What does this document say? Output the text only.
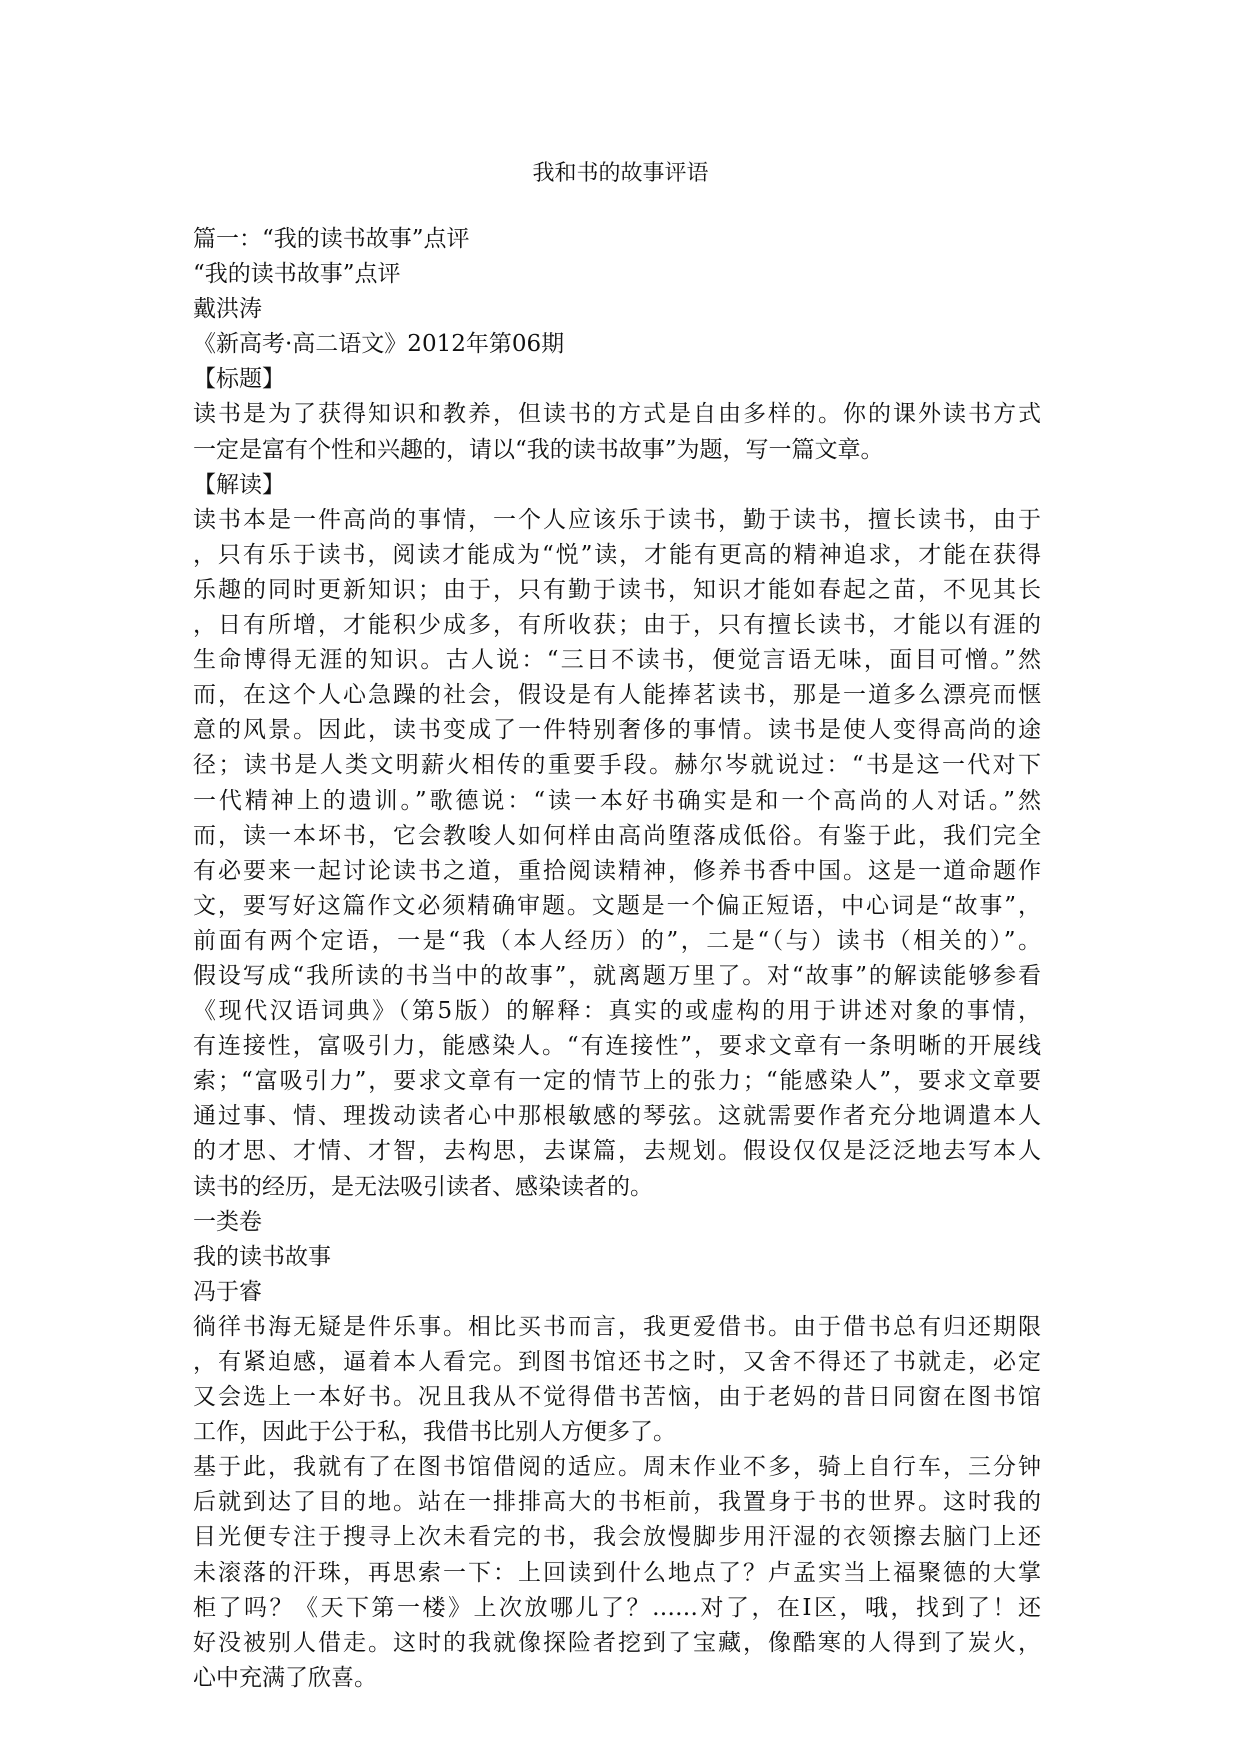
我和书的故事评语
篇一：“我的读书故事”点评
“我的读书故事”点评
戴洪涛
《新高考·高二语文》2012年第06期
【标题】
读书是为了获得知识和教养，但读书的方式是自由多样的。你的课外读书方式
一定是富有个性和兴趣的，请以“我的读书故事”为题，写一篇文章。
【解读】
读书本是一件高尚的事情，一个人应该乐于读书，勤于读书，擅长读书，由于
，只有乐于读书，阅读才能成为“悦”读，才能有更高的精神追求，才能在获得
乐趣的同时更新知识；由于，只有勤于读书，知识才能如春起之苗，不见其长
，日有所增，才能积少成多，有所收获；由于，只有擅长读书，才能以有涯的
生命博得无涯的知识。古人说：“三日不读书，便觉言语无味，面目可憎。”然
而，在这个人心急躁的社会，假设是有人能捧茗读书，那是一道多么漂亮而惬
意的风景。因此，读书变成了一件特别奢侈的事情。读书是使人变得高尚的途
径；读书是人类文明薪火相传的重要手段。赫尔岑就说过：“书是这一代对下
一代精神上的遗训。”歌德说：“读一本好书确实是和一个高尚的人对话。”然
而，读一本坏书，它会教唆人如何样由高尚堕落成低俗。有鉴于此，我们完全
有必要来一起讨论读书之道，重拾阅读精神，修养书香中国。这是一道命题作
文，要写好这篇作文必须精确审题。文题是一个偏正短语，中心词是“故事”，
前面有两个定语，一是“我（本人经历）的”，二是“（与）读书（相关的）”。
假设写成“我所读的书当中的故事”，就离题万里了。对“故事”的解读能够参看
《现代汉语词典》（第5版）的解释：真实的或虚构的用于讲述对象的事情，
有连接性，富吸引力，能感染人。“有连接性”，要求文章有一条明晰的开展线
索；“富吸引力”，要求文章有一定的情节上的张力；“能感染人”，要求文章要
通过事、情、理拨动读者心中那根敏感的琴弦。这就需要作者充分地调遣本人
的才思、才情、才智，去构思，去谋篇，去规划。假设仅仅是泛泛地去写本人
读书的经历，是无法吸引读者、感染读者的。
一类卷
我的读书故事
冯于睿
徜徉书海无疑是件乐事。相比买书而言，我更爱借书。由于借书总有归还期限
，有紧迫感，逼着本人看完。到图书馆还书之时，又舍不得还了书就走，必定
又会选上一本好书。况且我从不觉得借书苦恼，由于老妈的昔日同窗在图书馆
工作，因此于公于私，我借书比别人方便多了。
基于此，我就有了在图书馆借阅的适应。周末作业不多，骑上自行车，三分钟
后就到达了目的地。站在一排排高大的书柜前，我置身于书的世界。这时我的
目光便专注于搜寻上次未看完的书，我会放慢脚步用汗湿的衣领擦去脑门上还
未滚落的汗珠，再思索一下：上回读到什么地点了？卢孟实当上福聚德的大掌
柜了吗？《天下第一楼》上次放哪儿了？……对了，在I区，哦，找到了！还
好没被别人借走。这时的我就像探险者挖到了宝藏，像酷寒的人得到了炭火，
心中充满了欣喜。
